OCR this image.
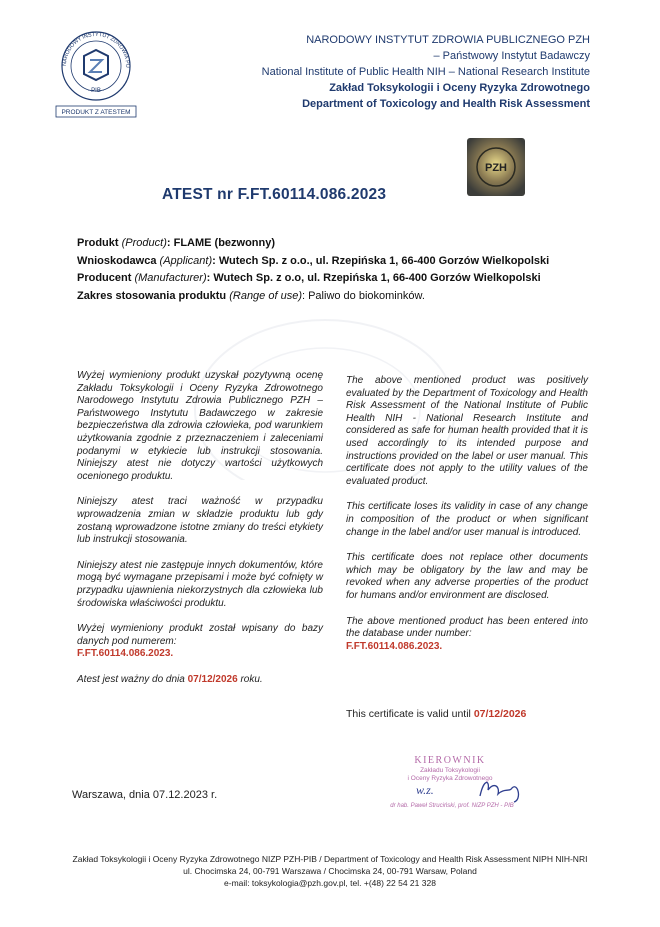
NARODOWY INSTYTUT ZDROWIA PUBLICZNEGO PZH
– Państwowy Instytut Badawczy
National Institute of Public Health NIH – National Research Institute
Zakład Toksykologii i Oceny Ryzyka Zdrowotnego
Department of Toxicology and Health Risk Assessment
NARODOWY INSTYTUT ZDROWIA PU
· PIB ·
PRODUKT Z ATESTEM
PZH
ATEST nr F.FT.60114.086.2023
Produkt (Product): FLAME (bezwonny)
Wnioskodawca (Applicant): Wutech Sp. z o.o., ul. Rzepińska 1, 66-400 Gorzów Wielkopolski
Producent (Manufacturer): Wutech Sp. z o.o, ul. Rzepińska 1, 66-400 Gorzów Wielkopolski
Zakres stosowania produktu (Range of use): Paliwo do biokominków.

Wyżej wymieniony produkt uzyskał pozytywną ocenę Zakładu Toksykologii i Oceny Ryzyka Zdrowotnego Narodowego Instytutu Zdrowia Publicznego PZH – Państwowego Instytutu Badawczego w zakresie bezpieczeństwa dla zdrowia człowieka, pod warunkiem użytkowania zgodnie z przeznaczeniem i zaleceniami podanymi w etykiecie lub instrukcji stosowania. Niniejszy atest nie dotyczy wartości użytkowych ocenionego produktu.

Niniejszy atest traci ważność w przypadku wprowadzenia zmian w składzie produktu lub gdy zostaną wprowadzone istotne zmiany do treści etykiety lub instrukcji stosowania.

Niniejszy atest nie zastępuje innych dokumentów, które mogą być wymagane przepisami i może być cofnięty w przypadku ujawnienia niekorzystnych dla człowieka lub środowiska właściwości produktu.

Wyżej wymieniony produkt został wpisany do bazy danych pod numerem:
F.FT.60114.086.2023.

Atest jest ważny do dnia 07/12/2026 roku.

The above mentioned product was positively evaluated by the Department of Toxicology and Health Risk Assessment of the National Institute of Public Health NIH - National Research Institute and considered as safe for human health provided that it is used accordingly to its intended purpose and instructions provided on the label or user manual. This certificate does not apply to the utility values of the evaluated product.

This certificate loses its validity in case of any change in composition of the product or when significant change in the label and/or user manual is introduced.

This certificate does not replace other documents which may be obligatory by the law and may be revoked when any adverse properties of the product for humans and/or environment are disclosed.

The above mentioned product has been entered into the database under number:
F.FT.60114.086.2023.

This certificate is valid until 07/12/2026
Warszawa, dnia 07.12.2023 r.
KIEROWNIK
Zakładu Toksykologii
i Oceny Ryzyka Zdrowotnego
w.z.
dr hab. Paweł Struciński, prof. NIZP PZH - PIB
Zakład Toksykologii i Oceny Ryzyka Zdrowotnego NIZP PZH-PIB / Department of Toxicology and Health Risk Assessment NIPH NIH-NRI
ul. Chocimska 24, 00-791 Warszawa / Chocimska 24, 00-791 Warsaw, Poland
e-mail: toksykologia@pzh.gov.pl, tel. +(48) 22 54 21 328
